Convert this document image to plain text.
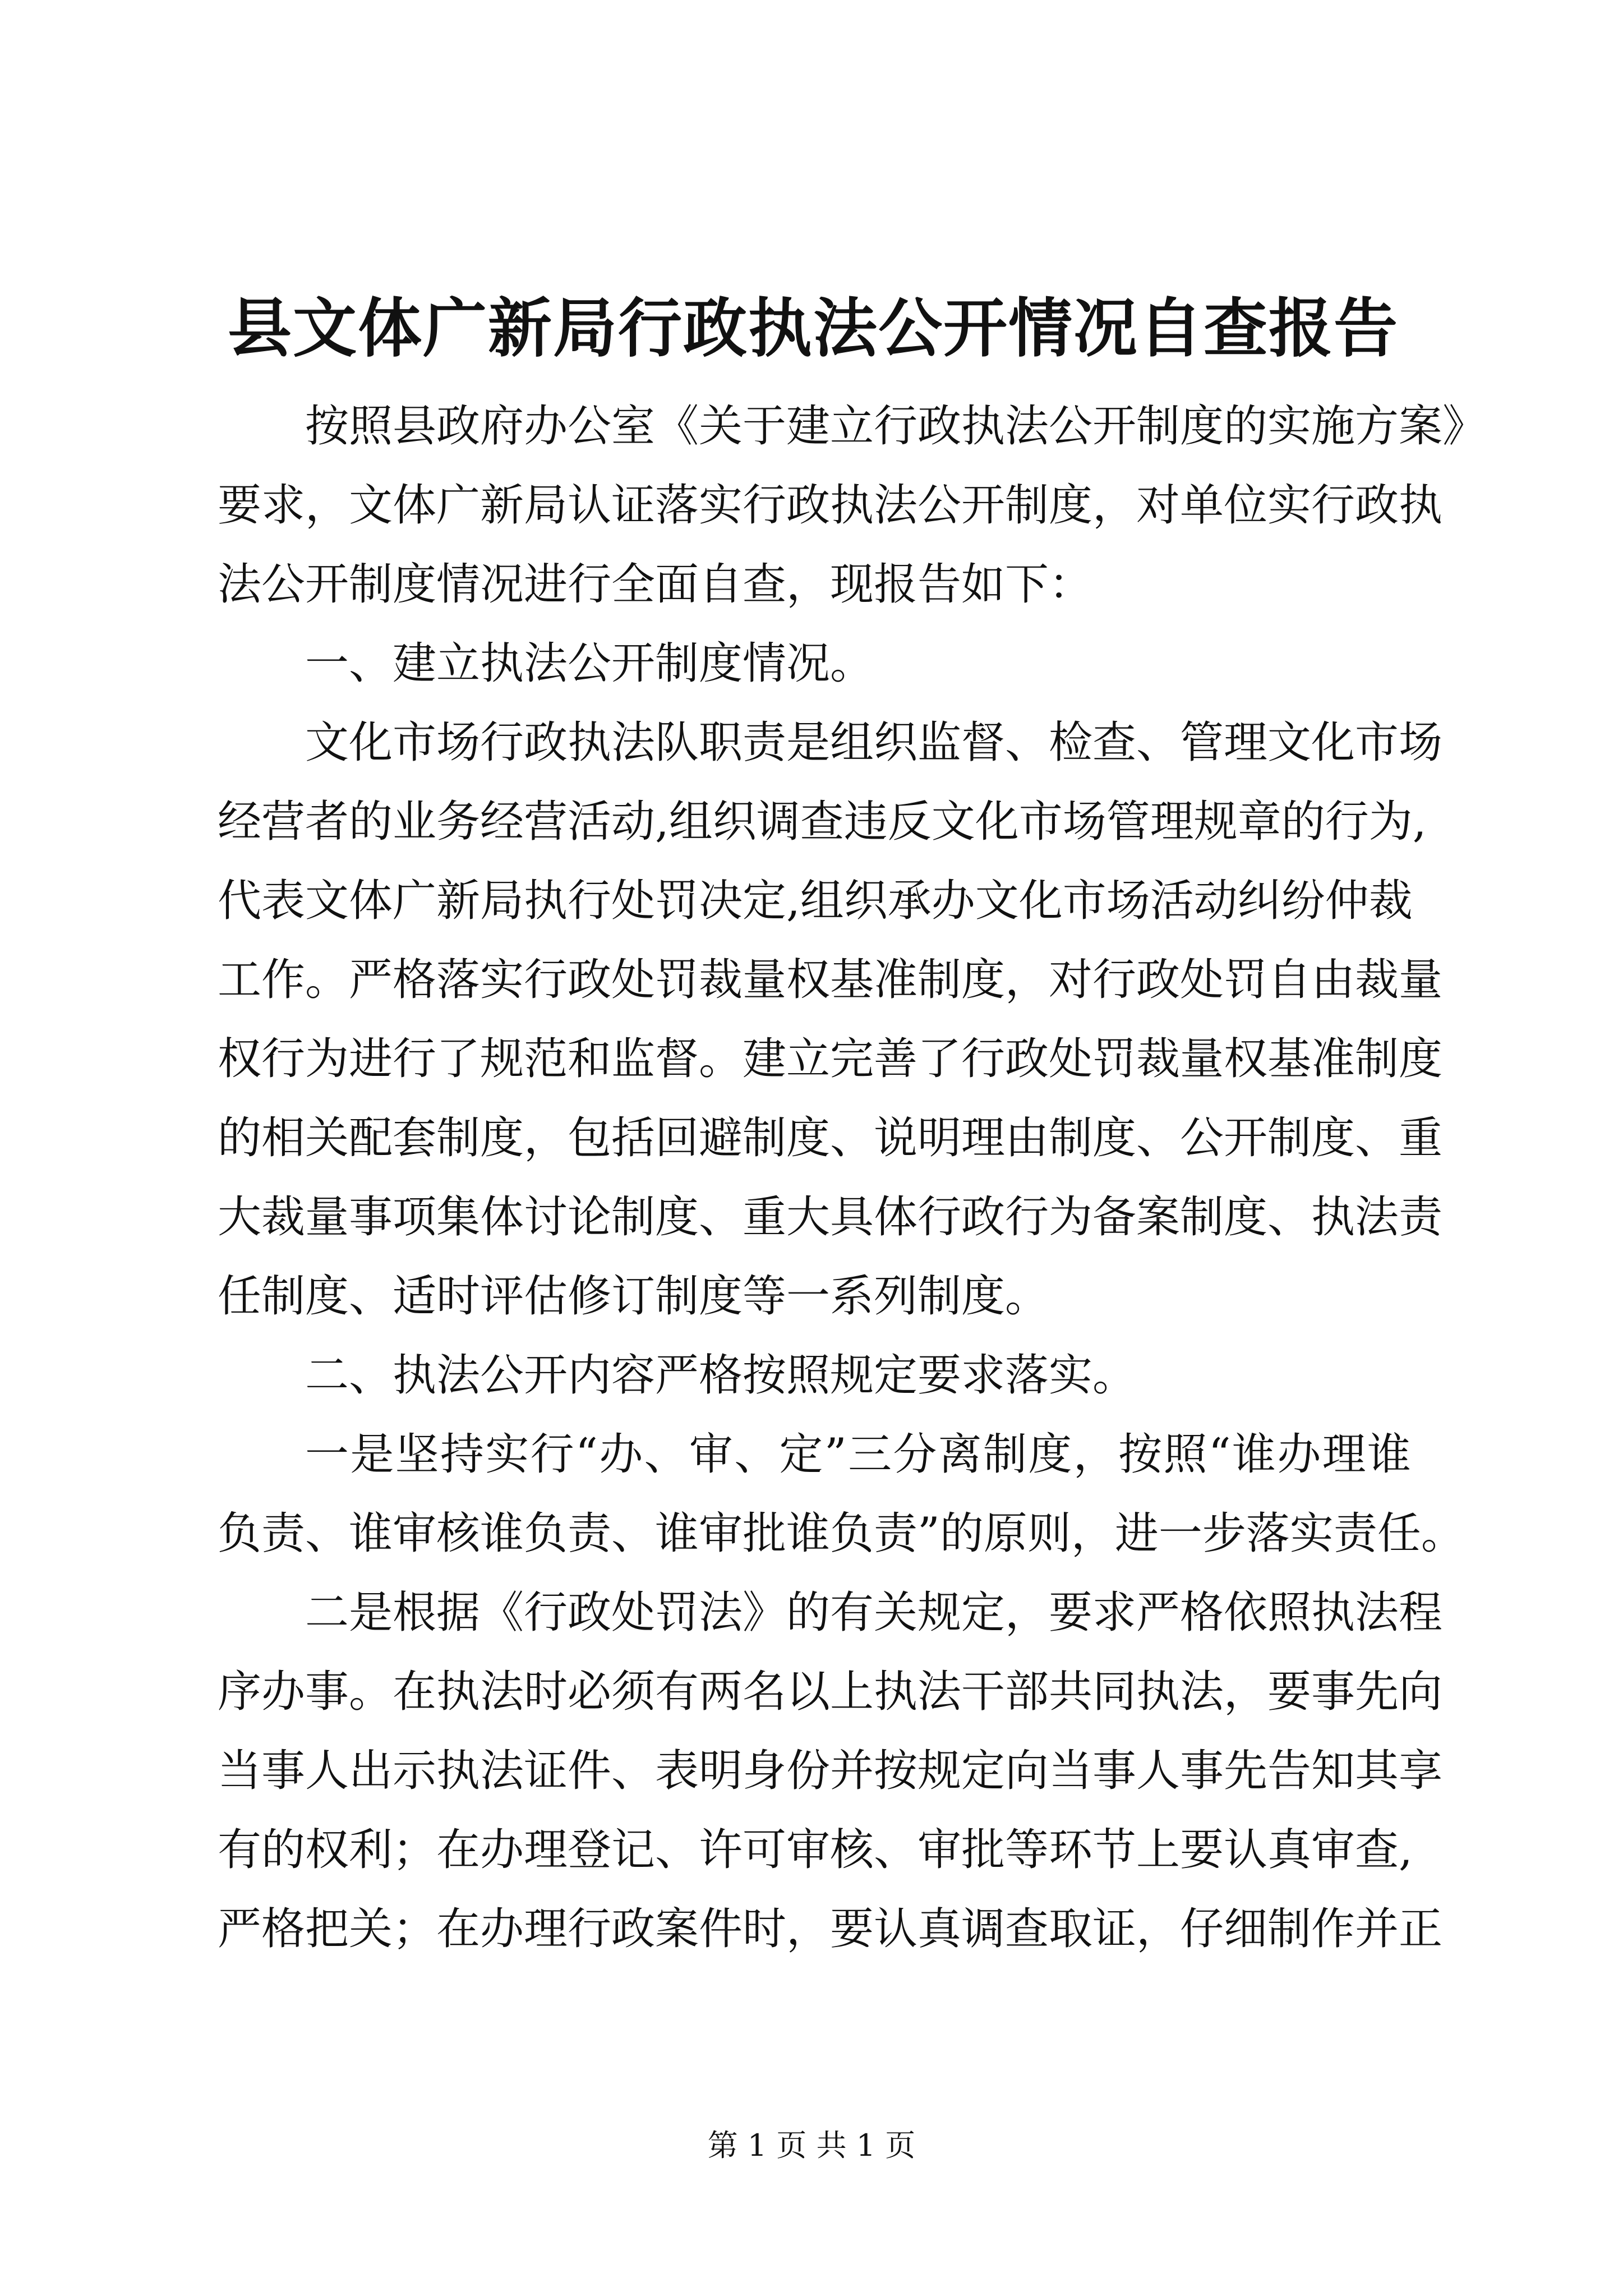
县文体广新局行政执法公开情况自查报告
按照县政府办公室《关于建立行政执法公开制度的实施方案》
要求，文体广新局认证落实行政执法公开制度，对单位实行政执
法公开制度情况进行全面自查，现报告如下：
一、建立执法公开制度情况。
文化市场行政执法队职责是组织监督、检查、管理文化市场
经营者的业务经营活动,组织调查违反文化市场管理规章的行为,
代表文体广新局执行处罚决定,组织承办文化市场活动纠纷仲裁
工作。严格落实行政处罚裁量权基准制度，对行政处罚自由裁量
权行为进行了规范和监督。建立完善了行政处罚裁量权基准制度
的相关配套制度，包括回避制度、说明理由制度、公开制度、重
大裁量事项集体讨论制度、重大具体行政行为备案制度、执法责
任制度、适时评估修订制度等一系列制度。
二、执法公开内容严格按照规定要求落实。
一是坚持实行“办、审、定”三分离制度，按照“谁办理谁
负责、谁审核谁负责、谁审批谁负责”的原则，进一步落实责任。
二是根据《行政处罚法》的有关规定，要求严格依照执法程
序办事。在执法时必须有两名以上执法干部共同执法，要事先向
当事人出示执法证件、表明身份并按规定向当事人事先告知其享
有的权利；在办理登记、许可审核、审批等环节上要认真审查,
严格把关；在办理行政案件时，要认真调查取证，仔细制作并正
第 1 页 共 1 页
